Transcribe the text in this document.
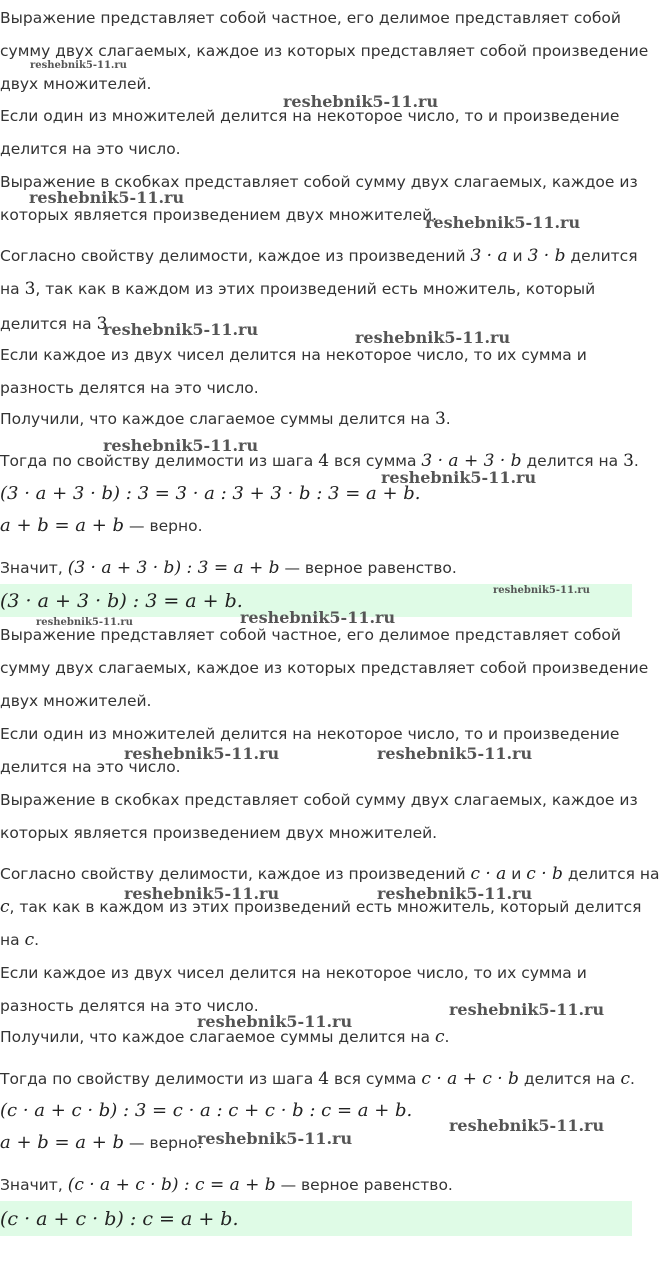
Выражение представляет собой частное, его делимое представляет собой
сумму двух слагаемых, каждое из которых представляет собой произведение
двух множителей.
Если один из множителей делится на некоторое число, то и произведение
делится на это число.
Выражение в скобках представляет собой сумму двух слагаемых, каждое из
которых является произведением двух множителей.
Согласно свойству делимости, каждое из произведений 3 · a и 3 · b делится
на 3, так как в каждом из этих произведений есть множитель, который
делится на 3
Если каждое из двух чисел делится на некоторое число, то их сумма и
разность делятся на это число.
Получили, что каждое слагаемое суммы делится на 3.
Тогда по свойству делимости из шага 4 вся сумма 3 · a + 3 · b делится на 3.
(3 · a + 3 · b) : 3 = 3 · a : 3 + 3 · b : 3 = a + b.
a + b = a + b — верно.
Значит, (3 · a + 3 · b) : 3 = a + b — верное равенство.
(3 · a + 3 · b) : 3 = a + b.
Выражение представляет собой частное, его делимое представляет собой
сумму двух слагаемых, каждое из которых представляет собой произведение
двух множителей.
Если один из множителей делится на некоторое число, то и произведение
делится на это число.
Выражение в скобках представляет собой сумму двух слагаемых, каждое из
которых является произведением двух множителей.
Согласно свойству делимости, каждое из произведений c · a и c · b делится на
c, так как в каждом из этих произведений есть множитель, который делится
на c.
Если каждое из двух чисел делится на некоторое число, то их сумма и
разность делятся на это число.
Получили, что каждое слагаемое суммы делится на c.
Тогда по свойству делимости из шага 4 вся сумма c · a + c · b делится на c.
(c · a + c · b) : 3 = c · a : c + c · b : c = a + b.
a + b = a + b — верно.
Значит, (c · a + c · b) : c = a + b — верное равенство.
(c · a + c · b) : c = a + b.
reshebnik5-11.ru
reshebnik5-11.ru
reshebnik5-11.ru
reshebnik5-11.ru
reshebnik5-11.ru	reshebnik5-11.ru
reshebnik5-11.ru
reshebnik5-11.ru
reshebnik5-11.ru
reshebnik5-11.ru
reshebnik5-11.ru
reshebnik5-11.ru	reshebnik5-11.ru
reshebnik5-11.ru	reshebnik5-11.ru
reshebnik5-11.ru
reshebnik5-11.ru
reshebnik5-11.ru
reshebnik5-11.ru
